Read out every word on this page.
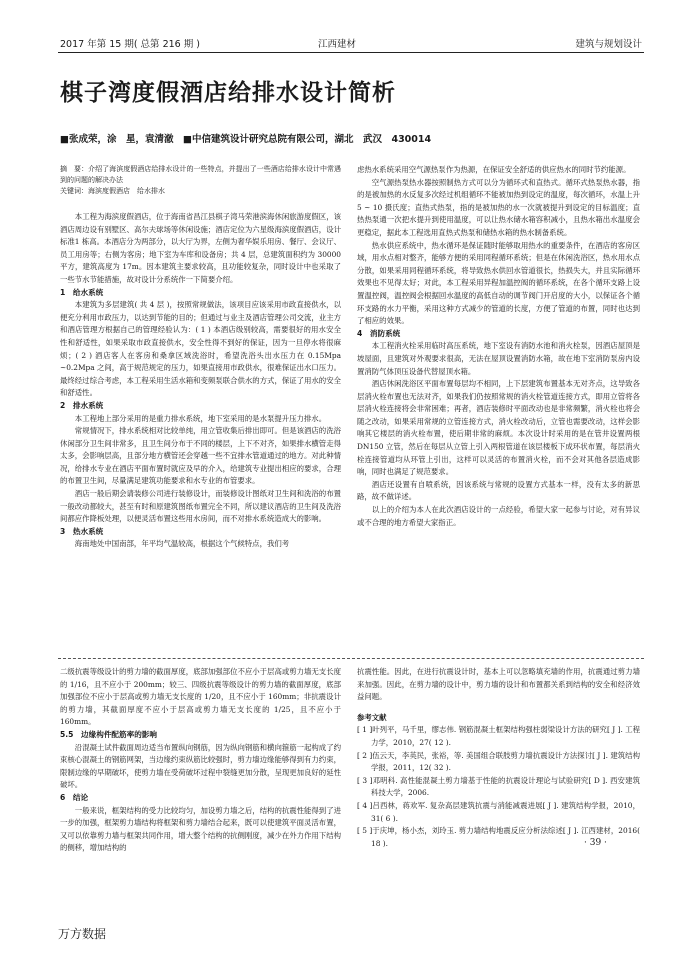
2017 年第 15 期( 总第 216 期 )	江西建材	建筑与规划设计
棋子湾度假酒店给排水设计简析
■张成荣，涂　星，袁清澈　■中信建筑设计研究总院有限公司，湖北　武汉　430014
摘　要：介绍了海滨度假酒店给排水设计的一些特点，并提出了一些酒店给排水设计中常遇到的问题的解决办法
关键词：海滨度假酒店　给水排水

本工程为海滨度假酒店，位于海南省昌江县棋子湾马荣港滨海休闲旅游度假区，该酒店周边设有别墅区、高尔夫球场等休闲设施；酒店定位为六星级海滨度假酒店，设计标准1 栋高。本酒店分为两部分，以大厅为界，左侧为奢华娱乐用房、餐厅、会议厅、员工用房等；右侧为客房；地下室为车库和设备房；共 4 层，总建筑面积约为 30000 平方，建筑高度为 17m。因本建筑主要求较高，且功能较复杂，同时设计中也采取了一些节水节能措施，故对设计分系统作一下简要介绍。

1　给水系统

本建筑为多层建筑( 共 4 层 )，按照常规做法，该项目应该采用市政直接供水，以便充分利用市政压力，以达到节能的目的；但通过与业主及酒店管理公司交流，业主方和酒店管理方根据自己的管理经验认为：( 1 ) 本酒店级别较高，需要很好的用水安全性和舒适性，如果采取市政直接供水，安全性得不到好的保证，因为一旦停水将很麻烦；( 2 ) 酒店客人在客房和桑拿区域洗浴时，希望洗浴头出水压力在 0.15Mpa ~0.2Mpa 之间，高于规范规定的压力，如果直接用市政供水，很难保证出水口压力。最终经过综合考虑，本工程采用生活水箱和变频泵联合供水的方式，保证了用水的安全和舒适性。

2　排水系统

本工程地上部分采用的是重力排水系统，地下室采用的是水泵提升压力排水。

常规情况下，排水系统相对比较单纯，用立管收集后排出即可。但是该酒店的洗浴休闲部分卫生间非常多，且卫生间分布于不同的楼层，上下不对齐，如果排水横管走得太多，会影响层高，且部分地方横管还会穿越一些不宜排水管道通过的地方。对此种情况，给排水专业在酒店平面布置时就应及早的介入，给建筑专业提出相应的要求，合理的布置卫生间，尽量满足建筑功能要求和水专业的布管要求。

酒店一般后期会请装修公司进行装修设计，而装修设计图纸对卫生间和洗浴的布置一般改动都较大，甚至有时和原建筑图纸布置完全不同，所以建议酒店的卫生间及洗浴间都应作降板处理，以便灵活布置这些用水房间，而不对排水系统造成大的影响。

3　热水系统

海南地处中国南部，年平均气温较高，根据这个气候特点，我们考

虑热水系统采用空气源热泵作为热源，在保证安全舒适的供应热水的同时节约能源。

空气源热泵热水器按照制热方式可以分为循环式和直热式。循环式热泵热水器，指的是被加热的水反复多次经过机组循环不能被加热到设定的温度，每次循环，水温上升 5 ~ 10 摄氏度；直热式热泵，指的是被加热的水一次就被提升到设定的目标温度；直热热泵通一次把水提升到使用温度，可以让热水储水箱容积减小，且热水箱出水温度会更稳定，据此本工程选用直热式热泵和储热水箱的热水制备系统。

热水供应系统中，热水循环是保证随时能够取用热水的重要条件，在酒店的客房区域，用水点相对整齐，能够方便的采用同程循环系统；但是在休闲洗浴区，热水用水点分散，如果采用同程循环系统，将导致热水供回水管道很长，热损失大，并且实际循环效果也不见得太好；对此，本工程采用异程加温控阀的循环系统，在各个循环支路上设置温控阀，温控阀会根据回水温度的高低自动的调节阀门开启度的大小，以保证各个循环支路的水力平衡，采用这种方式减少的管道的长度，方便了管道的布置，同时也达到了相应的效果。

4　消防系统

本工程消火栓采用临时高压系统，地下室设有消防水池和消火栓泵，因酒店屋顶是坡屋面，且建筑对外观要求很高，无法在屋顶设置消防水箱，故在地下室消防泵房内设置消防气体顶压设备代替屋顶水箱。

酒店休闲洗浴区平面布置每层均不相同，上下层建筑布置基本无对齐点，这导致各层消火栓布置也无法对齐，如果我们仍按照常规的消火栓管道连接方式，即用立管将各层消火栓连接将会非常困难；再者，酒店装修时平面改动也是非常频繁，消火栓也将会随之改动，如果采用常规的立管连接方式，消火栓改动后，立管也需要改动，这样会影响其它楼层的消火栓布置，使后期非常的麻烦。本次设计时采用的是在管井设置两根 DN150 立管，然后在每层从立管上引入两根管道在该层楼板下成环状布置，每层消火栓连接管道均从环管上引出，这样可以灵活的布置消火栓，而不会对其他各层造成影响，同时也满足了规范要求。

酒店还设置有自喷系统，因该系统与常规的设置方式基本一样，没有太多的新思路，故不做详述。

以上的介绍为本人在此次酒店设计的一点经验，希望大家一起参与讨论，对有异议或不合理的地方希望大家指正。

二级抗震等级设计的剪力墙的截面厚度，底部加强部位不应小于层高或剪力墙无支长度的 1/16，且不应小于 200mm；较三、四级抗震等级设计的剪力墙的截面厚度，底部加强部位不应小于层高或剪力墙无支长度的 1/20，且不应小于 160mm；非抗震设计的剪力墙，其截面厚度不应小于层高或剪力墙无支长度的 1/25，且不应小于 160mm。

5.5　边缘构件配筋率的影响

沿混凝土试件截面周边适当布置纵向钢筋，因为纵向钢筋和横向箍筋一起构成了约束核心混凝土的钢筋网架，当边缘约束纵筋比较强时，剪力墙边缘能够得到有力约束，限制边缘的早期破坏，使剪力墙在受荷破坏过程中裂缝更加分散，呈现更加良好的延性破坏。

6　结论

一般来说，框架结构的受力比较均匀，加设剪力墙之后，结构的抗震性能得到了进一步的加强，框架剪力墙结构将框架和剪力墙结合起来，既可以使建筑平面灵活布置，又可以依靠剪力墙与框架共同作用，增大整个结构的抗侧刚度，减少在外力作用下结构的侧移，增加结构的

抗震性能。因此，在进行抗震设计时，基本上可以忽略填充墙的作用，抗震通过剪力墙来加强。因此，在剪力墙的设计中，剪力墙的设计和布置都关系到结构的安全和经济效益问题。

参考文献
[ 1 ]叶列平，马千里，缪志伟. 钢筋混凝土框架结构强柱弱梁设计方法的研究[ J ]. 工程力学，2010，27( 12 ).
[ 2 ]伍云天，李英民，张裕，等. 美国组合联肢剪力墙抗震设计方法探讨[ J ]. 建筑结构学报，2011，12( 32 ).
[ 3 ]邓明科. 高性能混凝土剪力墙基于性能的抗震设计理论与试验研究[ D ]. 西安建筑科技大学，2006.
[ 4 ]吕西林，蒋欢军. 复杂高层建筑抗震与消能减震进展[ J ]. 建筑结构学报，2010，31( 6 ).
[ 5 ]于庆坤，杨小杰，刘玲玉. 剪力墙结构地震反应分析法综述[ J ]. 江西建材，2016( 18 ).	· 39 ·
万方数据
